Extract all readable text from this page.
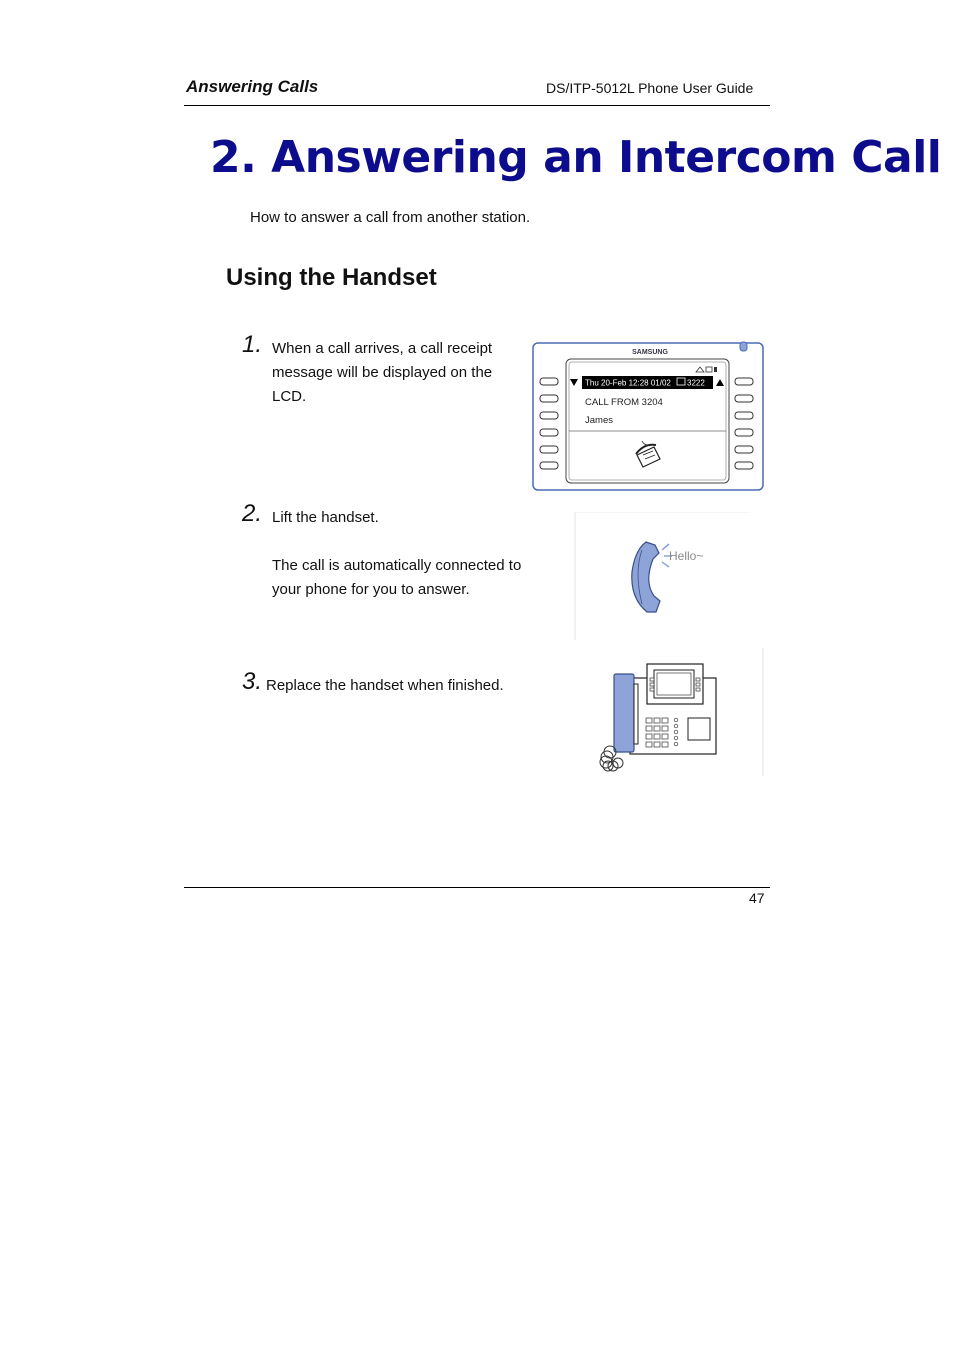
Answering Calls	DS/ITP-5012L Phone User Guide
2. Answering an Intercom Call
How to answer a call from another station.
Using the Handset
1. When a call arrives, a call receipt message will be displayed on the LCD.
SAMSUNG
Thu 20-Feb 12:28 01/02 3222
CALL FROM 3204
James
2. Lift the handset.
The call is automatically connected to your phone for you to answer.
Hello~
3. Replace the handset when finished.
47
